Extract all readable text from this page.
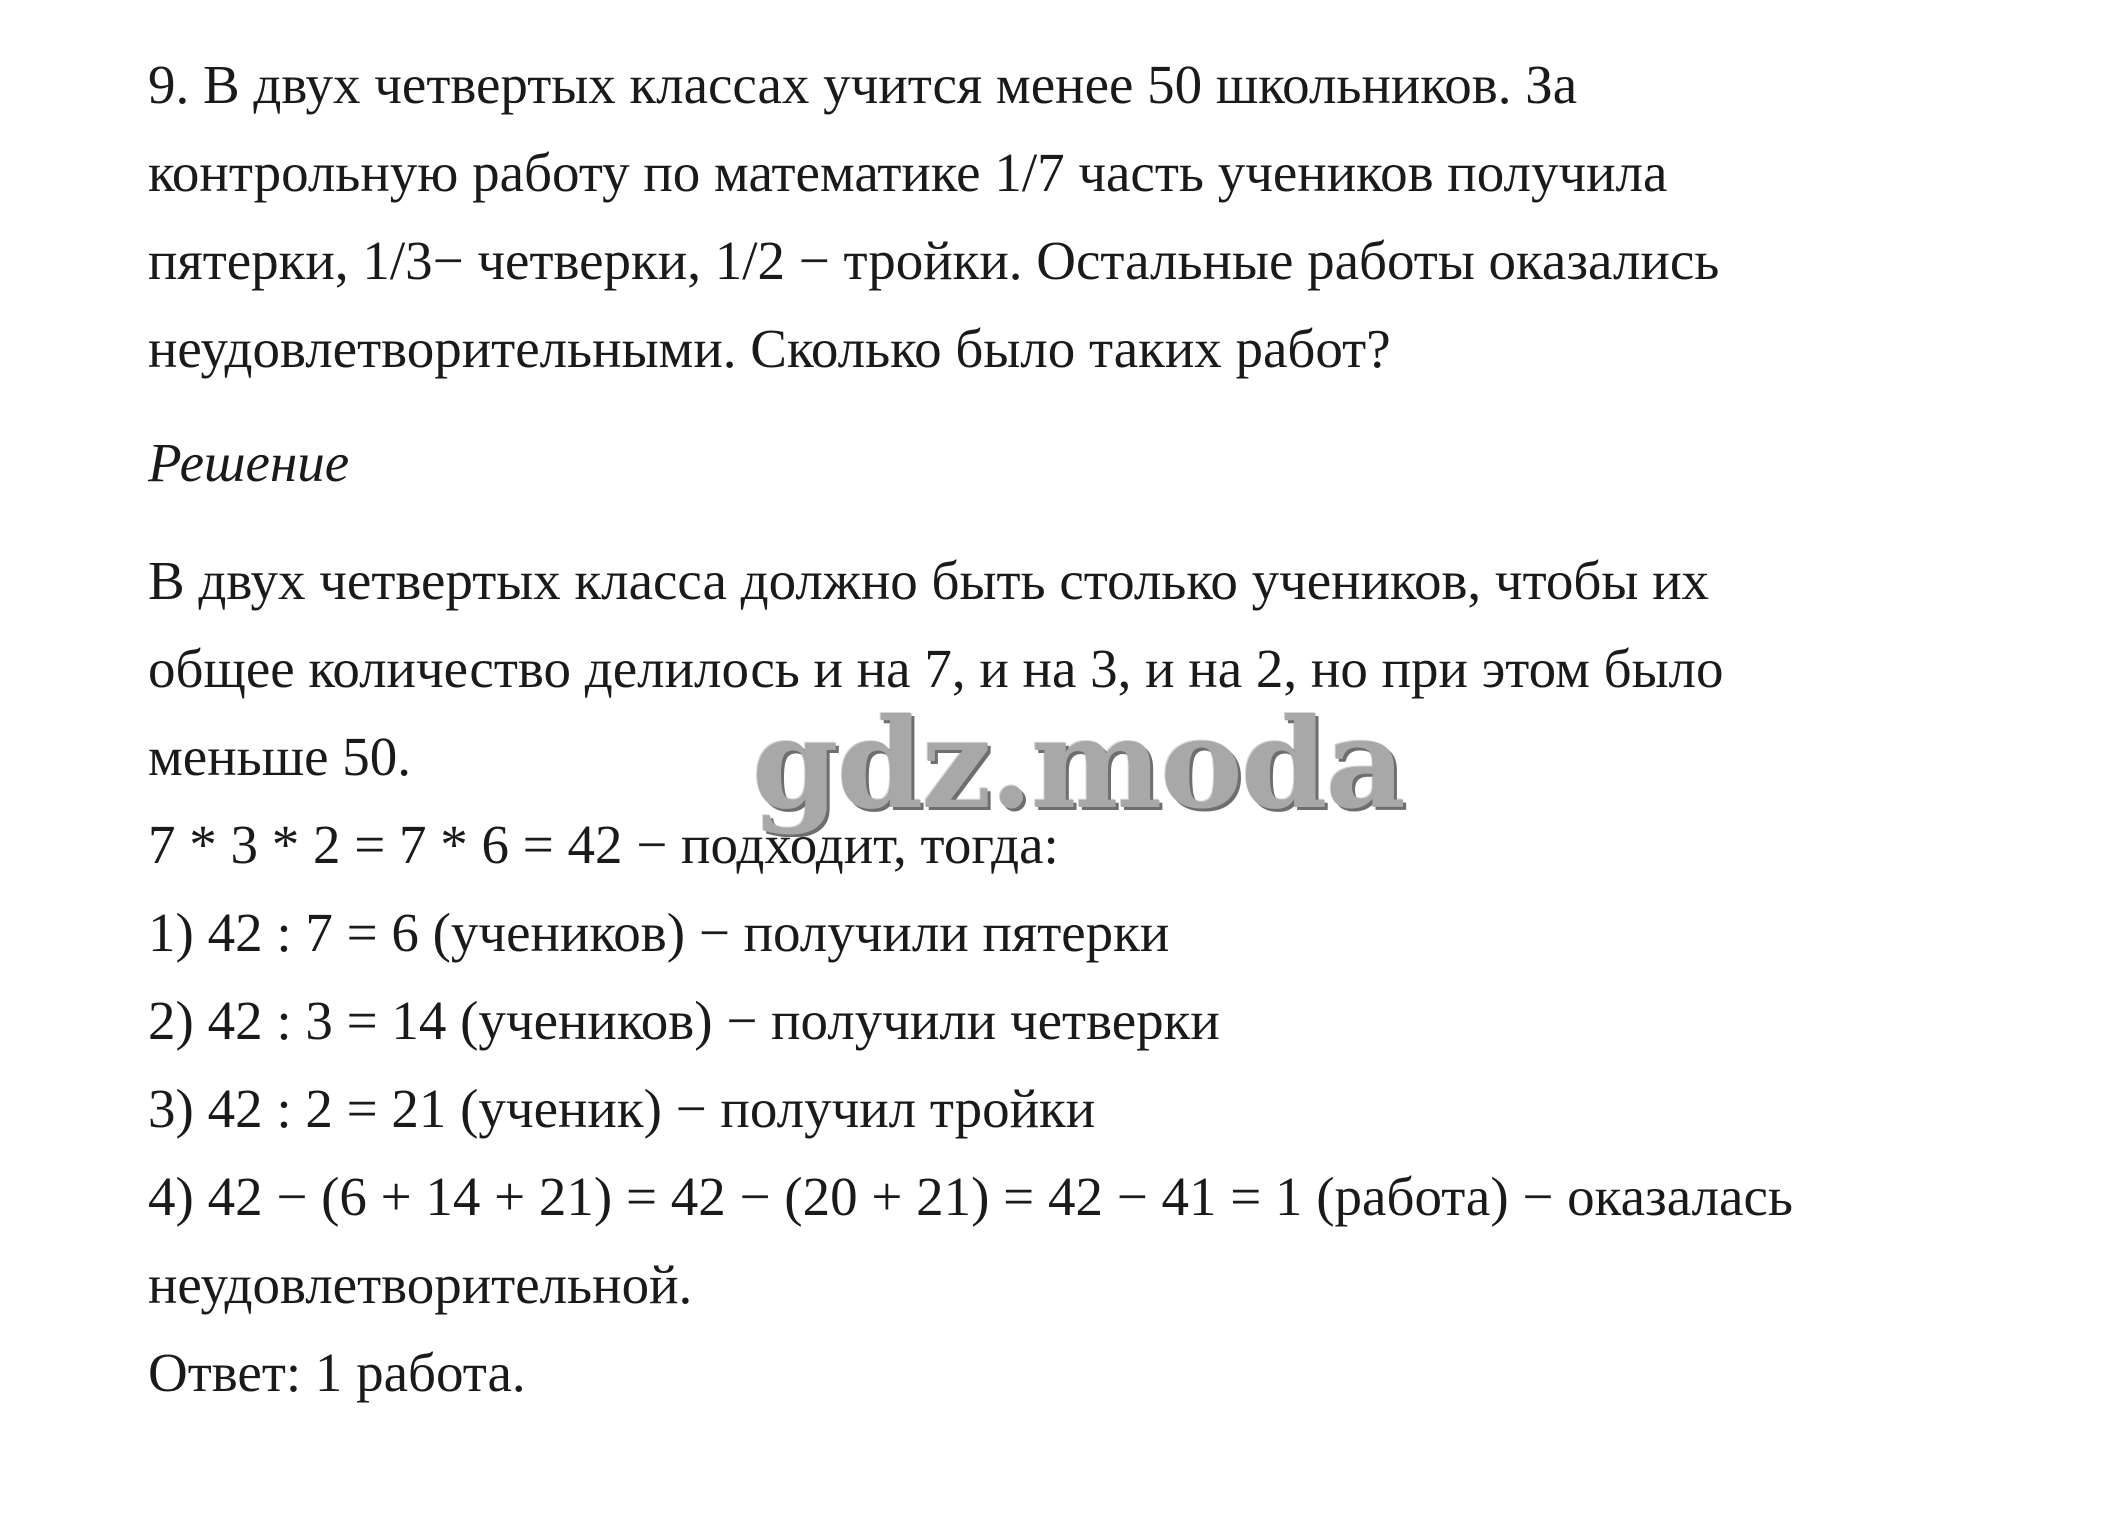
9. В двух четвертых классах учится менее 50 школьников. За
контрольную работу по математике 1/7 часть учеников получила
пятерки, 1/3− четверки, 1/2 − тройки. Остальные работы оказались
неудовлетворительными. Сколько было таких работ?
Решение
В двух четвертых класса должно быть столько учеников, чтобы их
общее количество делилось и на 7, и на 3, и на 2, но при этом было
меньше 50.
7 * 3 * 2 = 7 * 6 = 42 − подходит, тогда:
1) 42 : 7 = 6 (учеников) − получили пятерки
2) 42 : 3 = 14 (учеников) − получили четверки
3) 42 : 2 = 21 (ученик) − получил тройки
4) 42 − (6 + 14 + 21) = 42 − (20 + 21) = 42 − 41 = 1 (работа) − оказалась
неудовлетворительной.
Ответ: 1 работа.
gdz.moda
